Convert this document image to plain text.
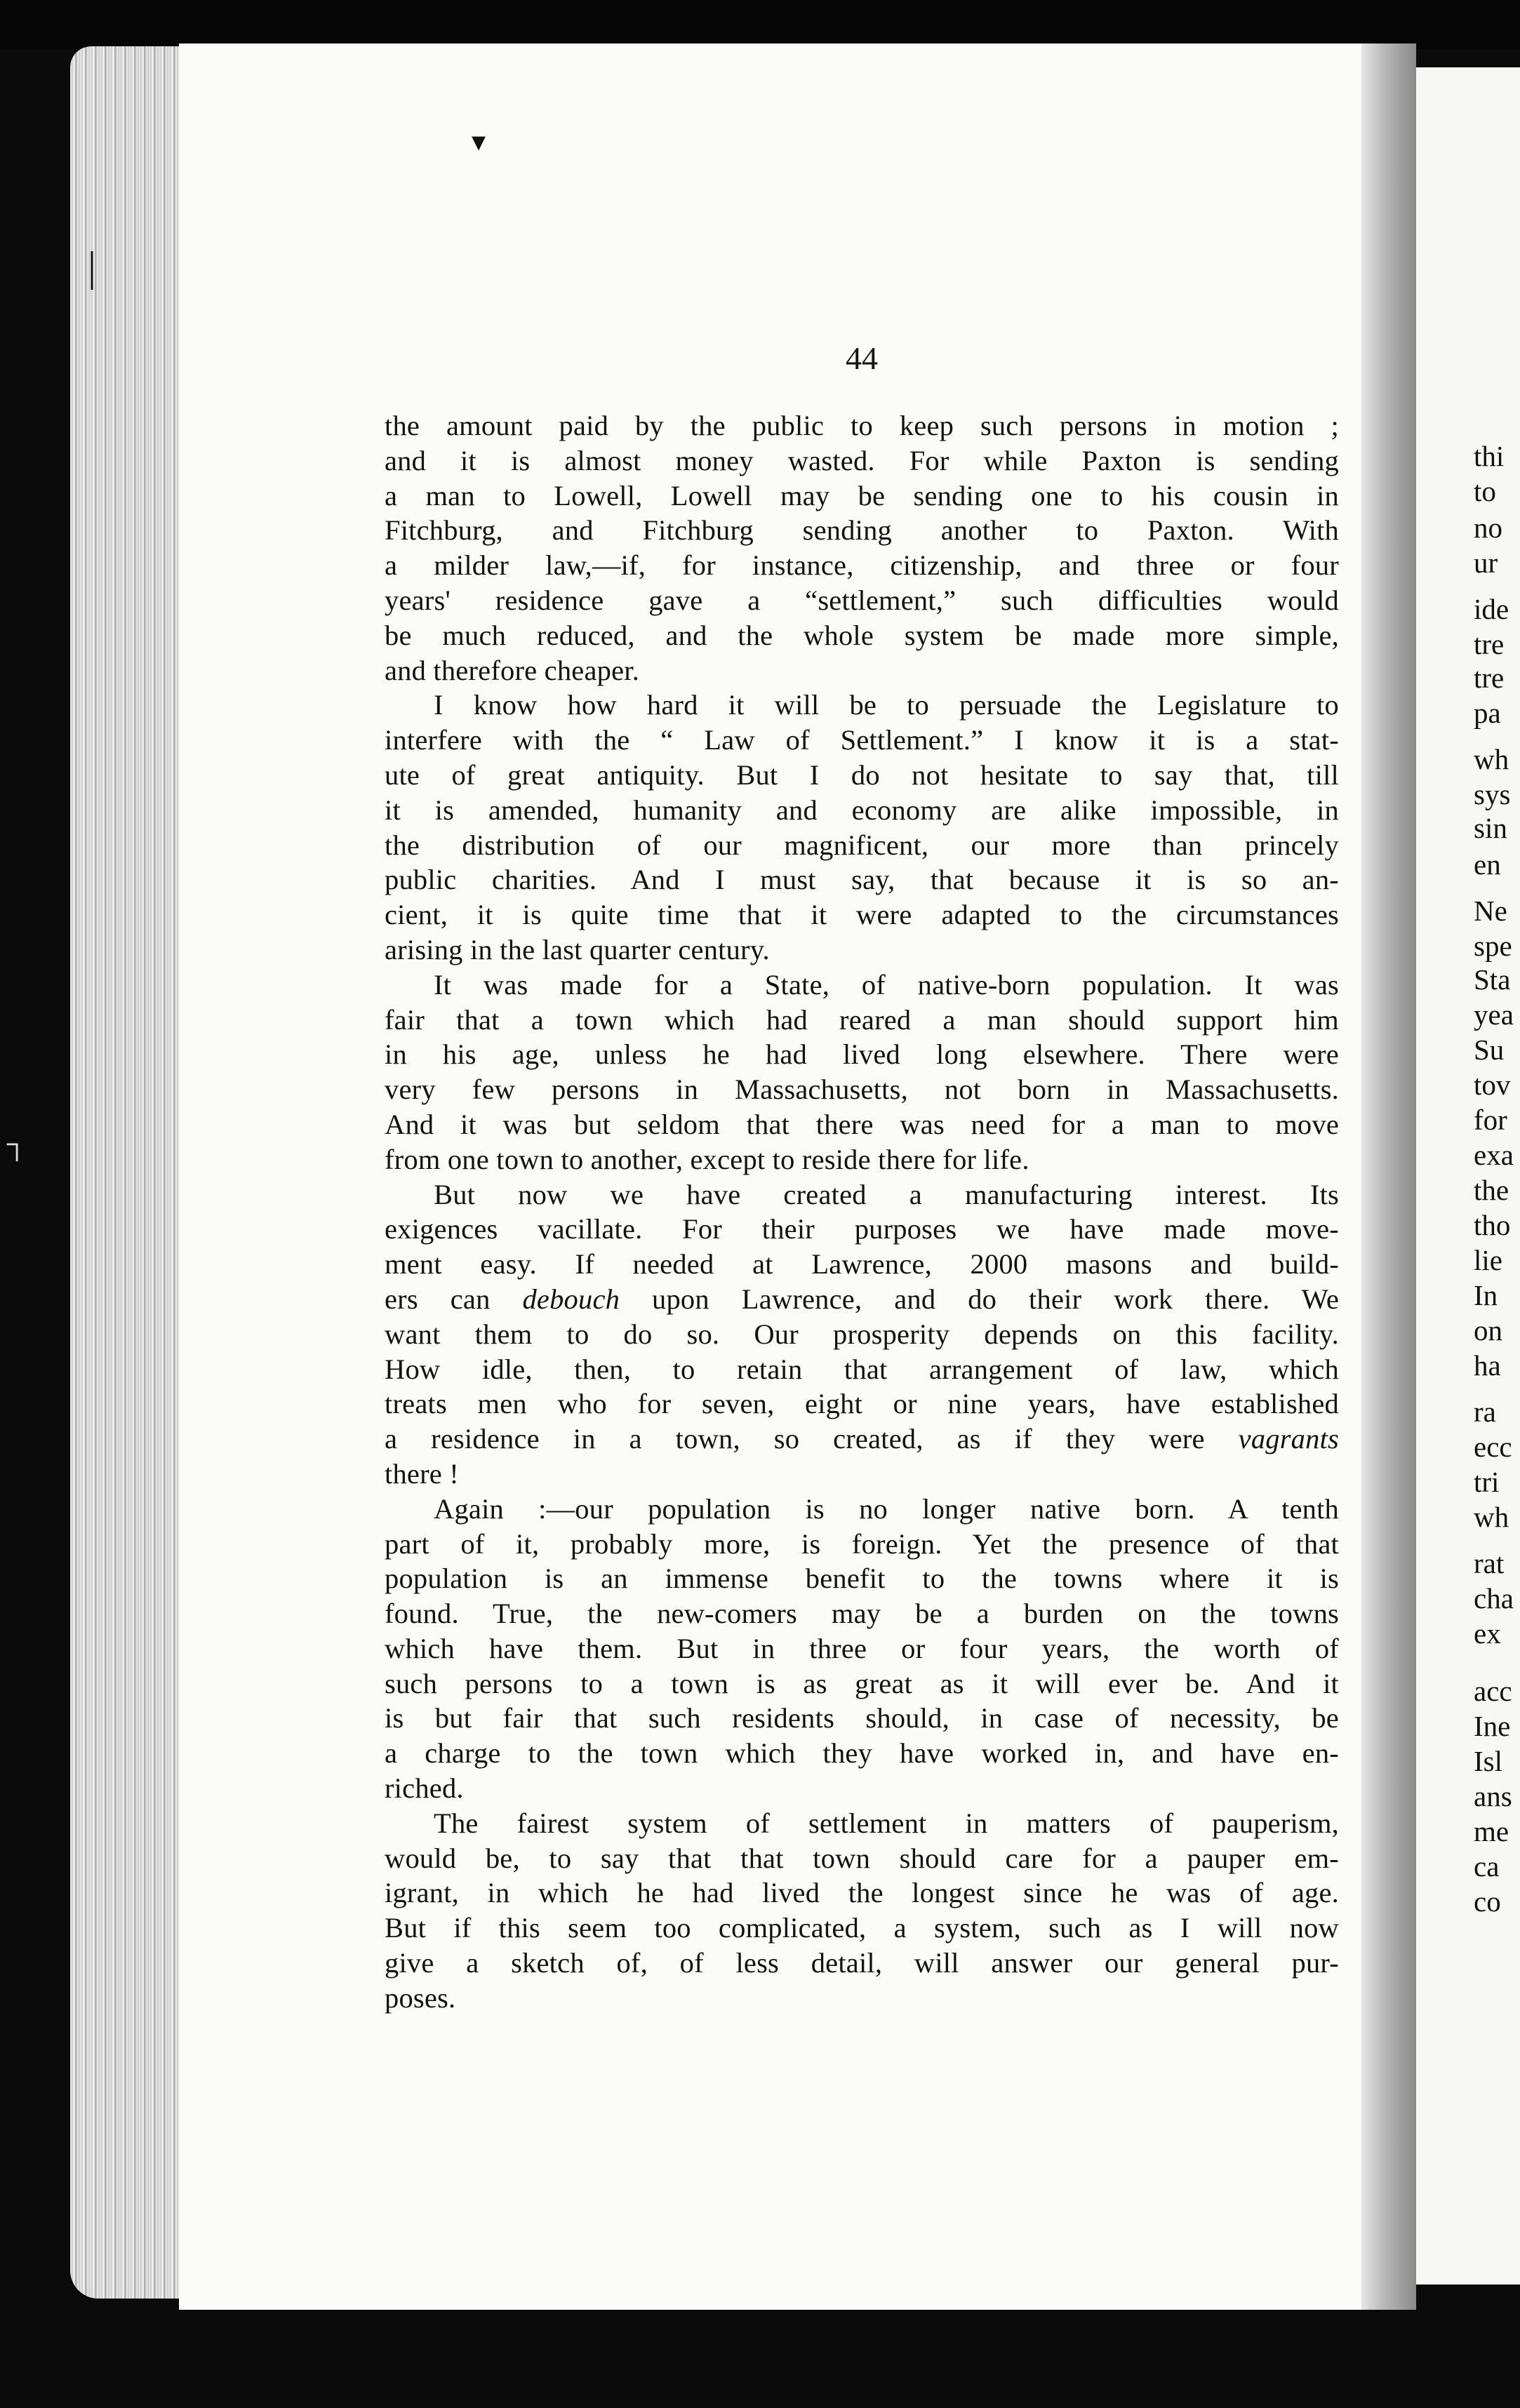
thi
to
no
ur
ide
tre
tre
pa
wh
sys
sin
en
Ne
spe
Sta
yea
Su
tov
for
exa
the
tho
lie
In
on
ha
ra
ecc
tri
wh
rat
cha
ex
acc
Ine
Isl
ans
me
ca
co
▾
|
┐
44
the amount paid by the public to keep such persons in motion ;
and it is almost money wasted. For while Paxton is sending
a man to Lowell, Lowell may be sending one to his cousin in
Fitchburg, and Fitchburg sending another to Paxton. With
a milder law,—if, for instance, citizenship, and three or four
years' residence gave a “settlement,” such difficulties would
be much reduced, and the whole system be made more simple,
and therefore cheaper.
I know how hard it will be to persuade the Legislature to
interfere with the “ Law of Settlement.” I know it is a stat-
ute of great antiquity. But I do not hesitate to say that, till
it is amended, humanity and economy are alike impossible, in
the distribution of our magnificent, our more than princely
public charities. And I must say, that because it is so an-
cient, it is quite time that it were adapted to the circumstances
arising in the last quarter century.
It was made for a State, of native-born population. It was
fair that a town which had reared a man should support him
in his age, unless he had lived long elsewhere. There were
very few persons in Massachusetts, not born in Massachusetts.
And it was but seldom that there was need for a man to move
from one town to another, except to reside there for life.
But now we have created a manufacturing interest. Its
exigences vacillate. For their purposes we have made move-
ment easy. If needed at Lawrence, 2000 masons and build-
ers can debouch upon Lawrence, and do their work there. We
want them to do so. Our prosperity depends on this facility.
How idle, then, to retain that arrangement of law, which
treats men who for seven, eight or nine years, have established
a residence in a town, so created, as if they were vagrants
there !
Again :—our population is no longer native born. A tenth
part of it, probably more, is foreign. Yet the presence of that
population is an immense benefit to the towns where it is
found. True, the new-comers may be a burden on the towns
which have them. But in three or four years, the worth of
such persons to a town is as great as it will ever be. And it
is but fair that such residents should, in case of necessity, be
a charge to the town which they have worked in, and have en-
riched.
The fairest system of settlement in matters of pauperism,
would be, to say that that town should care for a pauper em-
igrant, in which he had lived the longest since he was of age.
But if this seem too complicated, a system, such as I will now
give a sketch of, of less detail, will answer our general pur-
poses.
